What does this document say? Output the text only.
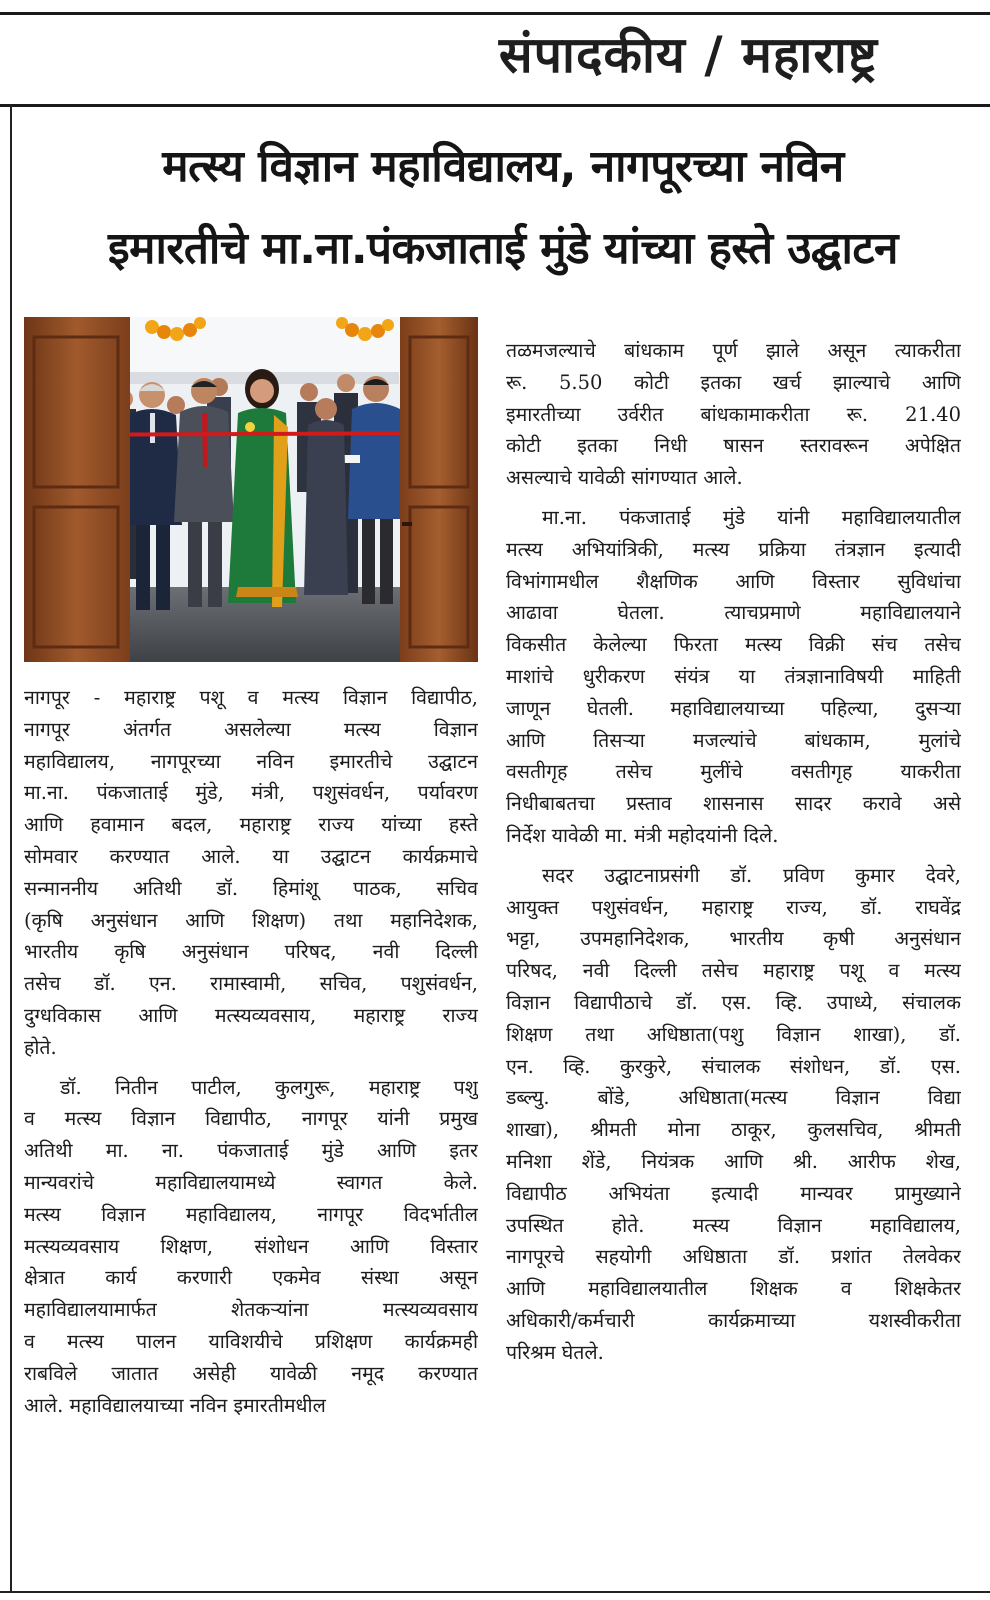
संपादकीय / महाराष्ट्र
मत्स्य विज्ञान महाविद्यालय, नागपूरच्या नविन
इमारतीचे मा.ना.पंकजाताई मुंडे यांच्या हस्ते उद्घाटन
नागपूर - महाराष्ट्र पशू व मत्स्य विज्ञान विद्यापीठ,
नागपूर अंतर्गत असलेल्या मत्स्य विज्ञान
महाविद्यालय, नागपूरच्या नविन इमारतीचे उद्घाटन
मा.ना. पंकजाताई मुंडे, मंत्री, पशुसंवर्धन, पर्यावरण
आणि हवामान बदल, महाराष्ट्र राज्य यांच्या हस्ते
सोमवार करण्यात आले. या उद्घाटन कार्यक्रमाचे
सन्माननीय अतिथी डॉ. हिमांशू पाठक, सचिव
(कृषि अनुसंधान आणि शिक्षण) तथा महानिदेशक,
भारतीय कृषि अनुसंधान परिषद, नवी दिल्ली
तसेच डॉ. एन. रामास्वामी, सचिव, पशुसंवर्धन,
दुग्धविकास आणि मत्स्यव्यवसाय, महाराष्ट्र राज्य
होते.
डॉ. नितीन पाटील, कुलगुरू, महाराष्ट्र पशु
व मत्स्य विज्ञान विद्यापीठ, नागपूर यांनी प्रमुख
अतिथी मा. ना. पंकजाताई मुंडे आणि इतर
मान्यवरांचे महाविद्यालयामध्ये स्वागत केले.
मत्स्य विज्ञान महाविद्यालय, नागपूर विदर्भातील
मत्स्यव्यवसाय शिक्षण, संशोधन आणि विस्तार
क्षेत्रात कार्य करणारी एकमेव संस्था असून
महाविद्यालयामार्फत शेतकऱ्यांना मत्स्यव्यवसाय
व मत्स्य पालन याविशयीचे प्रशिक्षण कार्यक्रमही
राबविले जातात असेही यावेळी नमूद करण्यात
आले. महाविद्यालयाच्या नविन इमारतीमधील
तळमजल्याचे बांधकाम पूर्ण झाले असून त्याकरीता
रू. 5.50 कोटी इतका खर्च झाल्याचे आणि
इमारतीच्या उर्वरीत बांधकामाकरीता रू. 21.40
कोटी इतका निधी षासन स्तरावरून अपेक्षित
असल्याचे यावेळी सांगण्यात आले.
मा.ना. पंकजाताई मुंडे यांनी महाविद्यालयातील
मत्स्य अभियांत्रिकी, मत्स्य प्रक्रिया तंत्रज्ञान इत्यादी
विभांगामधील शैक्षणिक आणि विस्तार सुविधांचा
आढावा घेतला. त्याचप्रमाणे महाविद्यालयाने
विकसीत केलेल्या फिरता मत्स्य विक्री संच तसेच
माशांचे धुरीकरण संयंत्र या तंत्रज्ञानाविषयी माहिती
जाणून घेतली. महाविद्यालयाच्या पहिल्या, दुसऱ्या
आणि तिसऱ्या मजल्यांचे बांधकाम, मुलांचे
वसतीगृह तसेच मुलींचे वसतीगृह याकरीता
निधीबाबतचा प्रस्ताव शासनास सादर करावे असे
निर्देश यावेळी मा. मंत्री महोदयांनी दिले.
सदर उद्घाटनाप्रसंगी डॉ. प्रविण कुमार देवरे,
आयुक्त पशुसंवर्धन, महाराष्ट्र राज्य, डॉ. राघवेंद्र
भट्टा, उपमहानिदेशक, भारतीय कृषी अनुसंधान
परिषद, नवी दिल्ली तसेच महाराष्ट्र पशू व मत्स्य
विज्ञान विद्यापीठाचे डॉ. एस. व्हि. उपाध्ये, संचालक
शिक्षण तथा अधिष्ठाता(पशु विज्ञान शाखा), डॉ.
एन. व्हि. कुरकुरे, संचालक संशोधन, डॉ. एस.
डब्ल्यु. बोंडे, अधिष्ठाता(मत्स्य विज्ञान विद्या
शाखा), श्रीमती मोना ठाकूर, कुलसचिव, श्रीमती
मनिशा शेंडे, नियंत्रक आणि श्री. आरीफ शेख,
विद्यापीठ अभियंता इत्यादी मान्यवर प्रामुख्याने
उपस्थित होते. मत्स्य विज्ञान महाविद्यालय,
नागपूरचे सहयोगी अधिष्ठाता डॉ. प्रशांत तेलवेकर
आणि महाविद्यालयातील शिक्षक व शिक्षकेतर
अधिकारी/कर्मचारी कार्यक्रमाच्या यशस्वीकरीता
परिश्रम घेतले.
